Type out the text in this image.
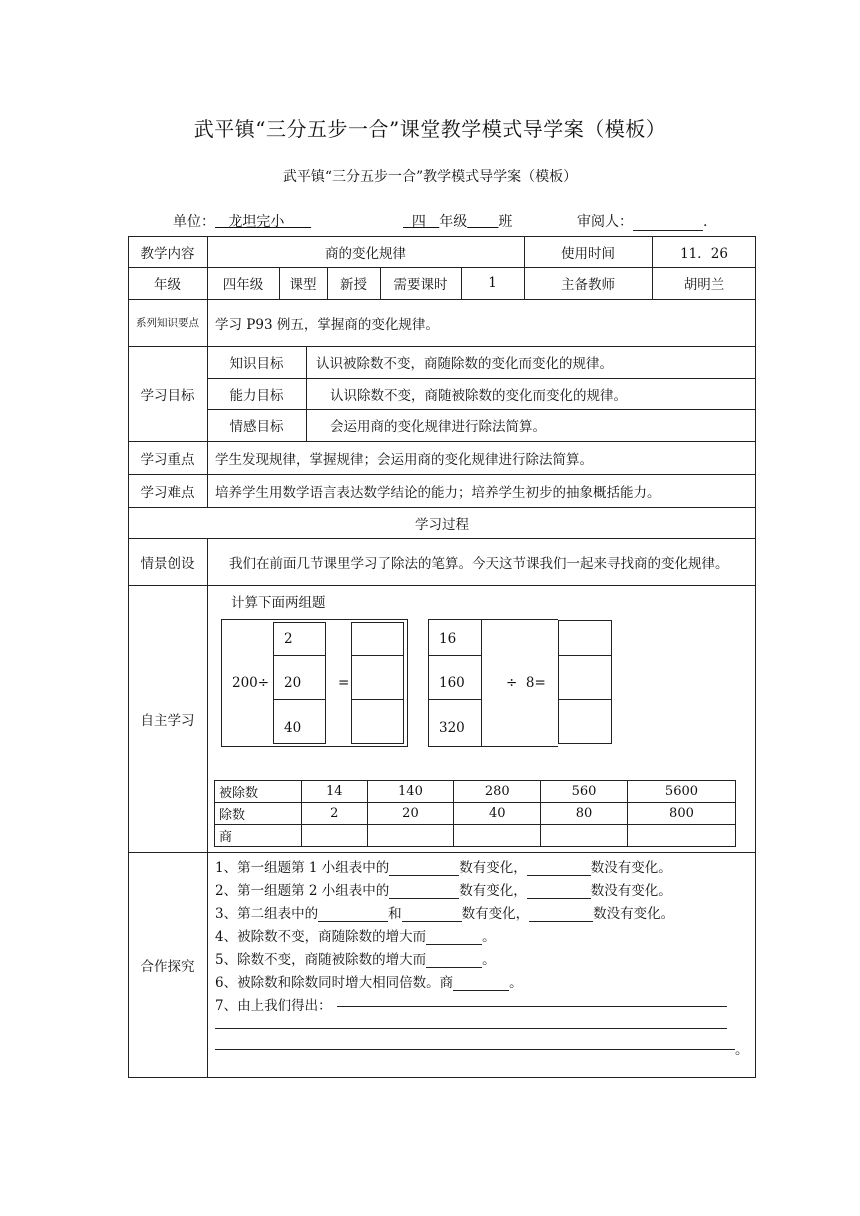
武平镇“三分五步一合”课堂教学模式导学案（模板）
武平镇“三分五步一合”教学模式导学案（模板）
单位： 龙坦完小	四 年级 班	审阅人：	.
教学内容	商的变化规律	使用时间	11．26
年级	四年级	课型	新授	需要课时	1	主备教师	胡明兰
系列知识要点	学习 P93 例五，掌握商的变化规律。
学习目标
知识目标	认识被除数不变，商随除数的变化而变化的规律。
能力目标	认识除数不变，商随被除数的变化而变化的规律。
情感目标	会运用商的变化规律进行除法简算。
学习重点	学生发现规律，掌握规律；会运用商的变化规律进行除法简算。
学习难点	培养学生用数学语言表达数学结论的能力；培养学生初步的抽象概括能力。
学习过程
情景创设	我们在前面几节课里学习了除法的笔算。今天这节课我们一起来寻找商的变化规律。
自主学习
计算下面两组题
200÷
2
20
40
=
16
160
320
÷  8=
被除数	14	140	280	560	5600
除数	2	20	40	80	800
商					
合作探究
1、第一组题第 1 小组表中的	数有变化，	数没有变化。
2、第一组题第 2 小组表中的	数有变化，	数没有变化。
3、第二组表中的	和	数有变化，	数没有变化。
4、被除数不变，商随除数的增大而	。
5、除数不变，商随被除数的增大而	。
6、被除数和除数同时增大相同倍数。商	。
7、由上我们得出：
。
